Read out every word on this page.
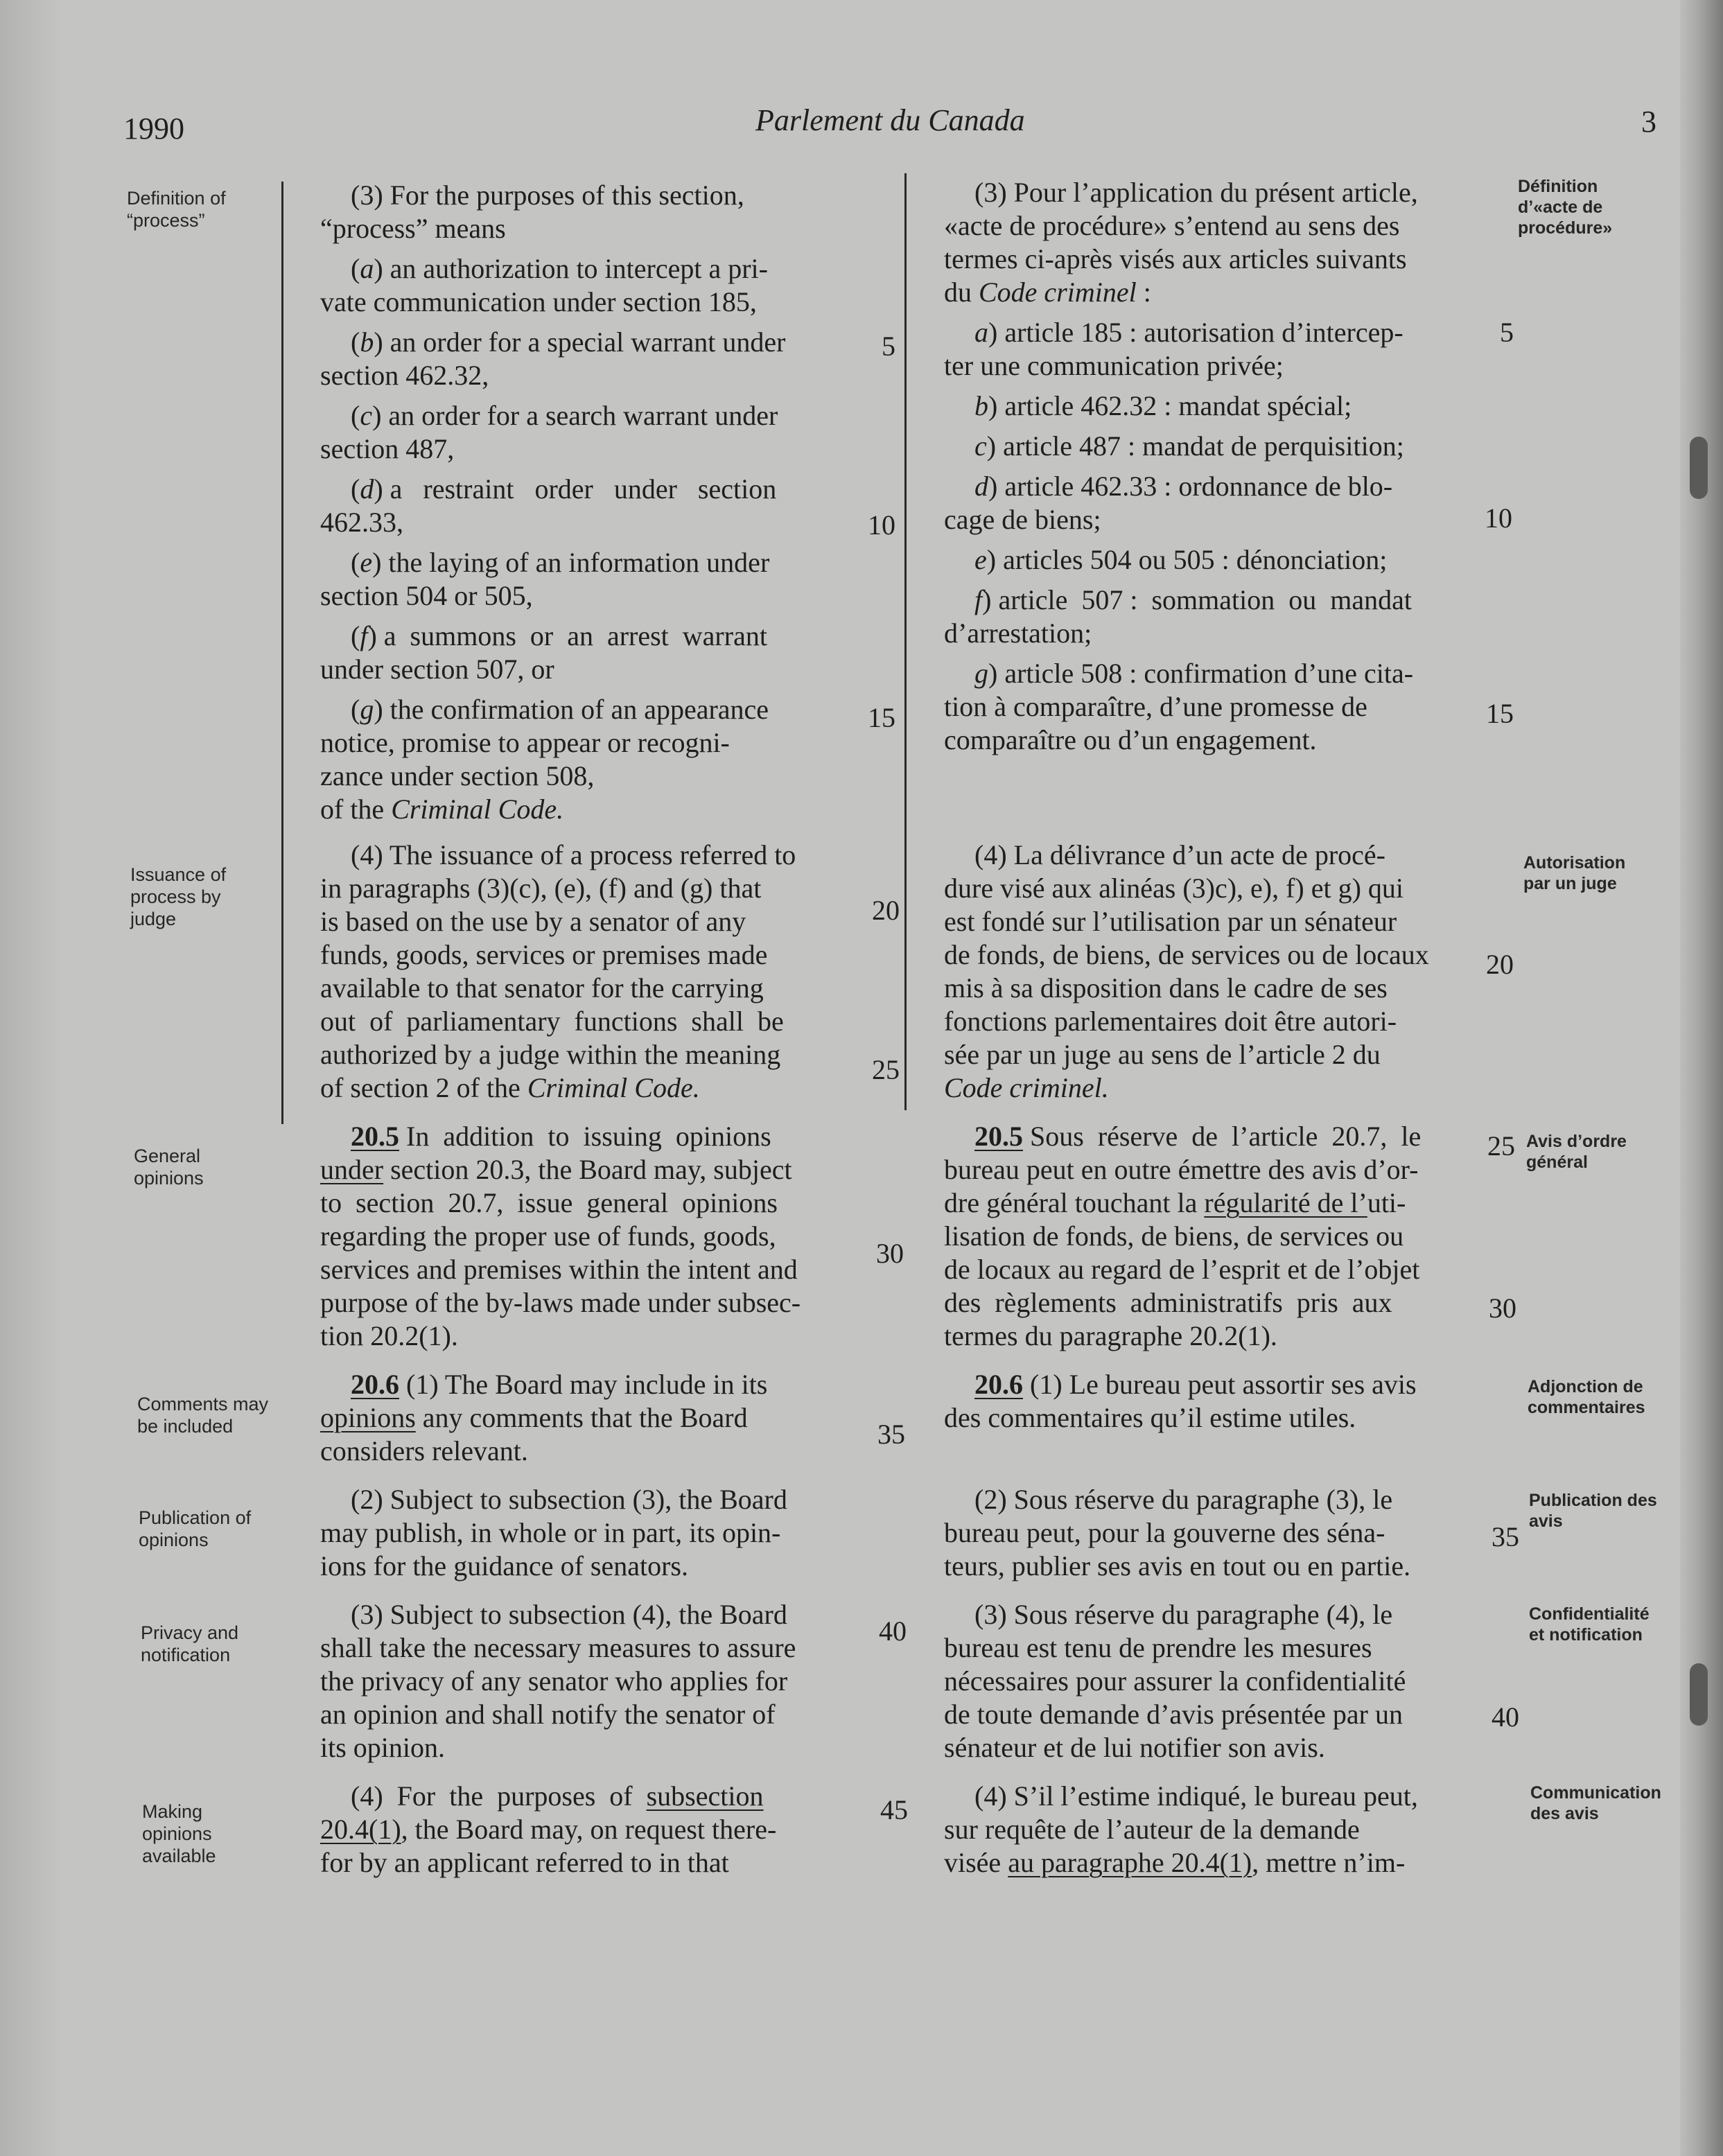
1990	Parlement du Canada	3
Definition of
“process”
Issuance of
process by
judge
General
opinions
Comments may
be included
Publication of
opinions
Privacy and
notification
Making
opinions
available
(3) For the purposes of this section,
“process” means
(a) an authorization to intercept a pri-
vate communication under section 185,
(b) an order for a special warrant under
section 462.32,
(c) an order for a search warrant under
section 487,
(d) a   restraint   order   under   section
462.33,
(e) the laying of an information under
section 504 or 505,
(f) a  summons  or  an  arrest  warrant
under section 507, or
(g) the confirmation of an appearance
notice, promise to appear or recogni-
zance under section 508,
of the Criminal Code.
(4) The issuance of a process referred to
in paragraphs (3)(c), (e), (f) and (g) that
is based on the use by a senator of any
funds, goods, services or premises made
available to that senator for the carrying
out  of  parliamentary  functions  shall  be
authorized by a judge within the meaning
of section 2 of the Criminal Code.
20.5 In  addition  to  issuing  opinions
under section 20.3, the Board may, subject
to  section  20.7,  issue  general  opinions
regarding the proper use of funds, goods,
services and premises within the intent and
purpose of the by-laws made under subsec-
tion 20.2(1).
20.6 (1) The Board may include in its
opinions any comments that the Board
considers relevant.
(2) Subject to subsection (3), the Board
may publish, in whole or in part, its opin-
ions for the guidance of senators.
(3) Subject to subsection (4), the Board
shall take the necessary measures to assure
the privacy of any senator who applies for
an opinion and shall notify the senator of
its opinion.
(4)  For  the  purposes  of  subsection
20.4(1), the Board may, on request there-
for by an applicant referred to in that
5
10
15
20
25
30
35
40
45
(3) Pour l’application du présent article,
«acte de procédure» s’entend au sens des
termes ci-après visés aux articles suivants
du Code criminel :
a) article 185 : autorisation d’intercep-
ter une communication privée;
b) article 462.32 : mandat spécial;
c) article 487 : mandat de perquisition;
d) article 462.33 : ordonnance de blo-
cage de biens;
e) articles 504 ou 505 : dénonciation;
f) article  507 :  sommation  ou  mandat
d’arrestation;
g) article 508 : confirmation d’une cita-
tion à comparaître, d’une promesse de
comparaître ou d’un engagement.
(4) La délivrance d’un acte de procé-
dure visé aux alinéas (3)c), e), f) et g) qui
est fondé sur l’utilisation par un sénateur
de fonds, de biens, de services ou de locaux
mis à sa disposition dans le cadre de ses
fonctions parlementaires doit être autori-
sée par un juge au sens de l’article 2 du
Code criminel.
20.5 Sous  réserve  de  l’article  20.7,  le
bureau peut en outre émettre des avis d’or-
dre général touchant la régularité de l’uti-
lisation de fonds, de biens, de services ou
de locaux au regard de l’esprit et de l’objet
des  règlements  administratifs  pris  aux
termes du paragraphe 20.2(1).
20.6 (1) Le bureau peut assortir ses avis
des commentaires qu’il estime utiles.
(2) Sous réserve du paragraphe (3), le
bureau peut, pour la gouverne des séna-
teurs, publier ses avis en tout ou en partie.
(3) Sous réserve du paragraphe (4), le
bureau est tenu de prendre les mesures
nécessaires pour assurer la confidentialité
de toute demande d’avis présentée par un
sénateur et de lui notifier son avis.
(4) S’il l’estime indiqué, le bureau peut,
sur requête de l’auteur de la demande
visée au paragraphe 20.4(1), mettre n’im-
5
10
15
20
25
30
35
40
Définition
d’«acte de
procédure»
Autorisation
par un juge
Avis d’ordre
général
Adjonction de
commentaires
Publication des
avis
Confidentialité
et notification
Communication
des avis
